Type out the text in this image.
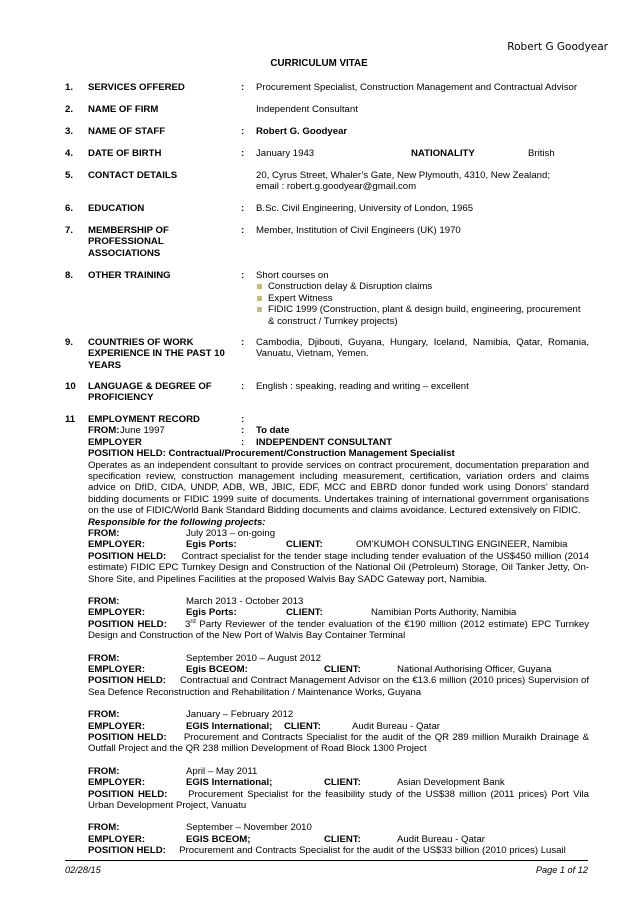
Robert G Goodyear
CURRICULUM VITAE
1. SERVICES OFFERED	: Procurement Specialist, Construction Management and Contractual Advisor
2. NAME OF FIRM	Independent Consultant
3. NAME OF STAFF	: Robert G. Goodyear
4. DATE OF BIRTH	: January 1943	NATIONALITY	British
5. CONTACT DETAILS	20, Cyrus Street, Whaler’s Gate, New Plymouth, 4310, New Zealand;
email : robert.g.goodyear@gmail.com
6. EDUCATION	: B.Sc. Civil Engineering, University of London, 1965
7. MEMBERSHIP OF PROFESSIONAL ASSOCIATIONS
: Member, Institution of Civil Engineers (UK) 1970
8. OTHER TRAINING	: Short courses on
Construction delay & Disruption claims
Expert Witness
FIDIC 1999 (Construction, plant & design build, engineering, procurement & construct / Turnkey projects)
9. COUNTRIES OF WORK EXPERIENCE IN THE PAST 10 YEARS
: Cambodia, Djibouti, Guyana, Hungary, Iceland, Namibia, Qatar, Romania, Vanuatu, Vietnam, Yemen.
10 LANGUAGE & DEGREE OF PROFICIENCY
: English : speaking, reading and writing – excellent
11 EMPLOYMENT RECORD	:
FROM: June 1997	: To date
EMPLOYER	: INDEPENDENT CONSULTANT
POSITION HELD: Contractual/Procurement/Construction Management Specialist
Operates as an independent consultant to provide services on contract procurement, documentation preparation and specification review, construction management including measurement, certification, variation orders and claims advice on DfID, CIDA, UNDP, ADB, WB, JBIC, EDF, MCC and EBRD donor funded work using Donors’ standard bidding documents or FIDIC 1999 suite of documents. Undertakes training of international government organisations on the use of FIDIC/World Bank Standard Bidding documents and claims avoidance. Lectured extensively on FIDIC.
Responsible for the following projects:
FROM:	July 2013 – on-going
EMPLOYER:	Egis Ports:	CLIENT:	OM’KUMOH CONSULTING ENGINEER, Namibia
POSITION HELD: Contract specialist for the tender stage including tender evaluation of the US$450 million (2014 estimate) FIDIC EPC Turnkey Design and Construction of the National Oil (Petroleum) Storage, Oil Tanker Jetty, On-Shore Site, and Pipelines Facilities at the proposed Walvis Bay SADC Gateway port, Namibia.
FROM:	March 2013 - October 2013
EMPLOYER:	Egis Ports:	CLIENT:	Namibian Ports Authority, Namibia
POSITION HELD: 3rd Party Reviewer of the tender evaluation of the €190 million (2012 estimate) EPC Turnkey Design and Construction of the New Port of Walvis Bay Container Terminal
FROM:	September 2010 – August 2012
EMPLOYER:	Egis BCEOM:	CLIENT:	National Authorising Officer, Guyana
POSITION HELD: Contractual and Contract Management Advisor on the €13.6 million (2010 prices) Supervision of Sea Defence Reconstruction and Rehabilitation / Maintenance Works, Guyana
FROM:	January – February 2012
EMPLOYER:	EGIS International; CLIENT:	Audit Bureau - Qatar
POSITION HELD: Procurement and Contracts Specialist for the audit of the QR 289 million Muraikh Drainage & Outfall Project and the QR 238 million Development of Road Block 1300 Project
FROM:	April – May 2011
EMPLOYER:	EGIS International;	CLIENT:	Asian Development Bank
POSITION HELD: Procurement Specialist for the feasibility study of the US$38 million (2011 prices) Port Vila Urban Development Project, Vanuatu
FROM:	September – November 2010
EMPLOYER:	EGIS BCEOM;	CLIENT:	Audit Bureau - Qatar
POSITION HELD: Procurement and Contracts Specialist for the audit of the US$33 billion (2010 prices) Lusail
02/28/15	Page 1 of 12
